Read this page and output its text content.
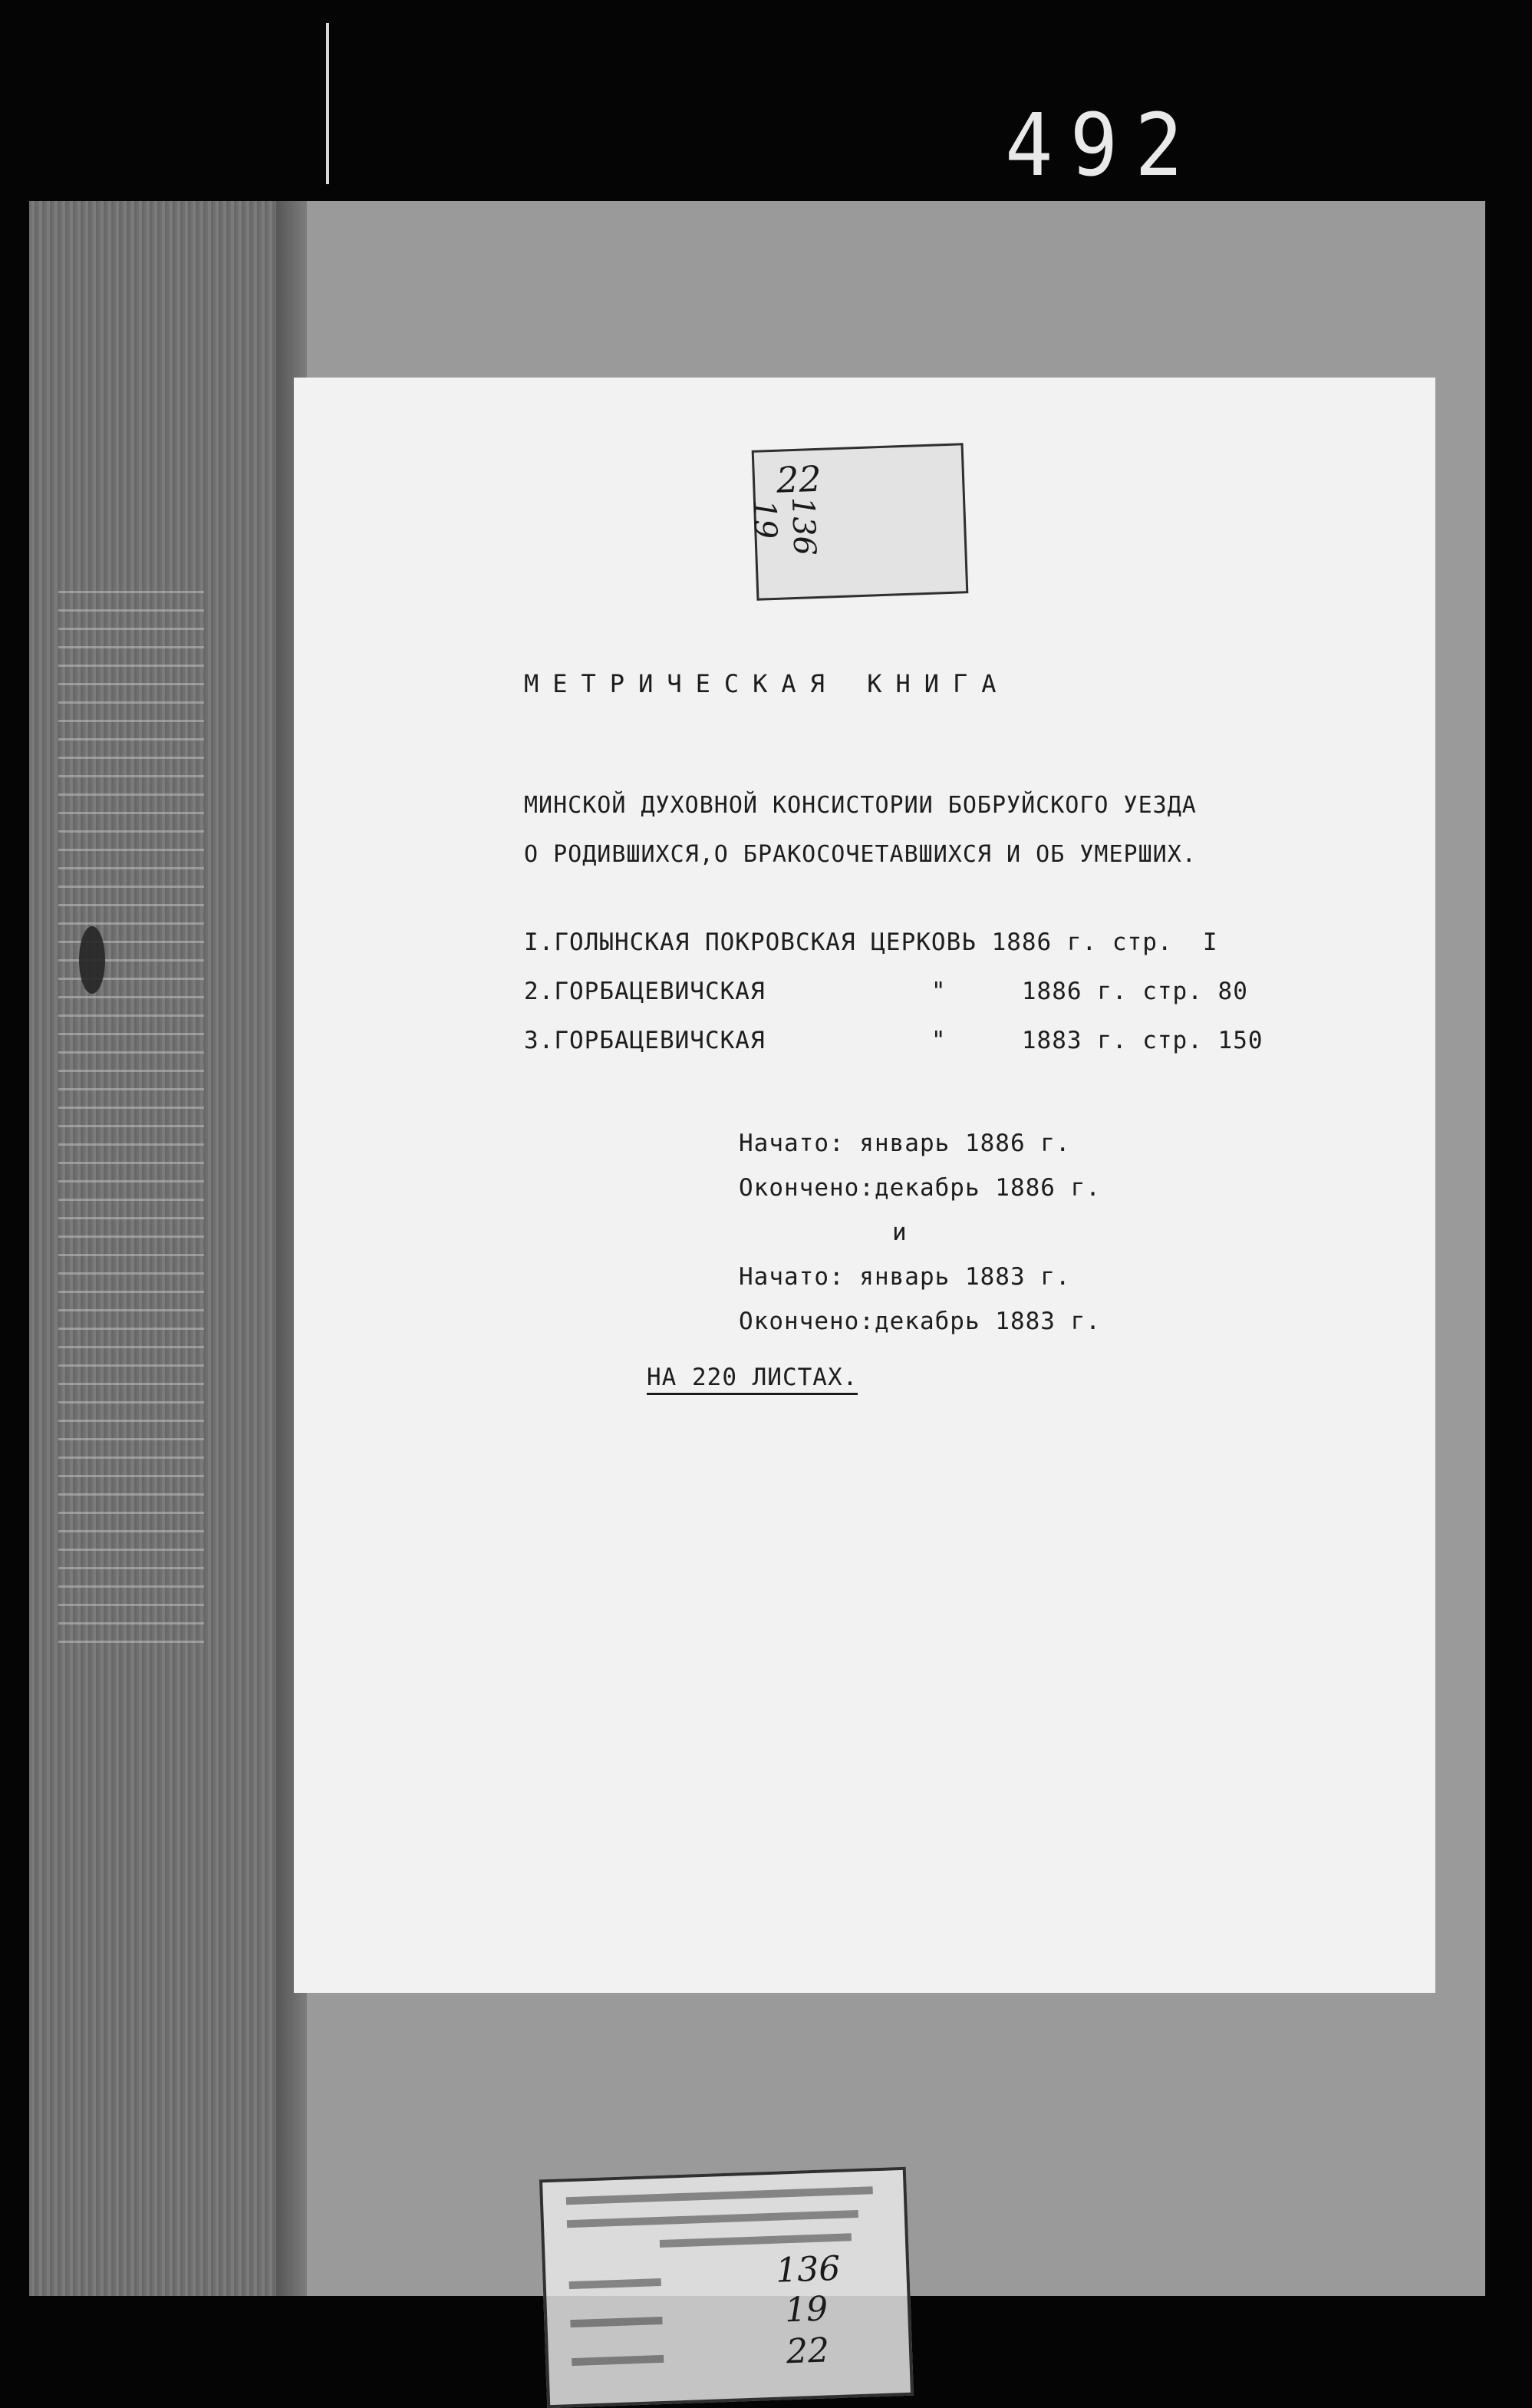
492
22
19 136
МЕТРИЧЕСКАЯ КНИГА
МИНСКОЙ ДУХОВНОЙ КОНСИСТОРИИ БОБРУЙСКОГО УЕЗДА
О РОДИВШИХСЯ,О БРАКОСОЧЕТАВШИХСЯ И ОБ УМЕРШИХ.
I.ГОЛЫНСКАЯ ПОКРОВСКАЯ ЦЕРКОВЬ 1886 г. стр.  I
2.ГОРБАЦЕВИЧСКАЯ           "     1886 г. стр. 80
3.ГОРБАЦЕВИЧСКАЯ           "     1883 г. стр. 150
Начато: январь 1886 г.
Окончено:декабрь 1886 г.
и
Начато: январь 1883 г.
Окончено:декабрь 1883 г.
НА 220 ЛИСТАХ.
136
19
22
